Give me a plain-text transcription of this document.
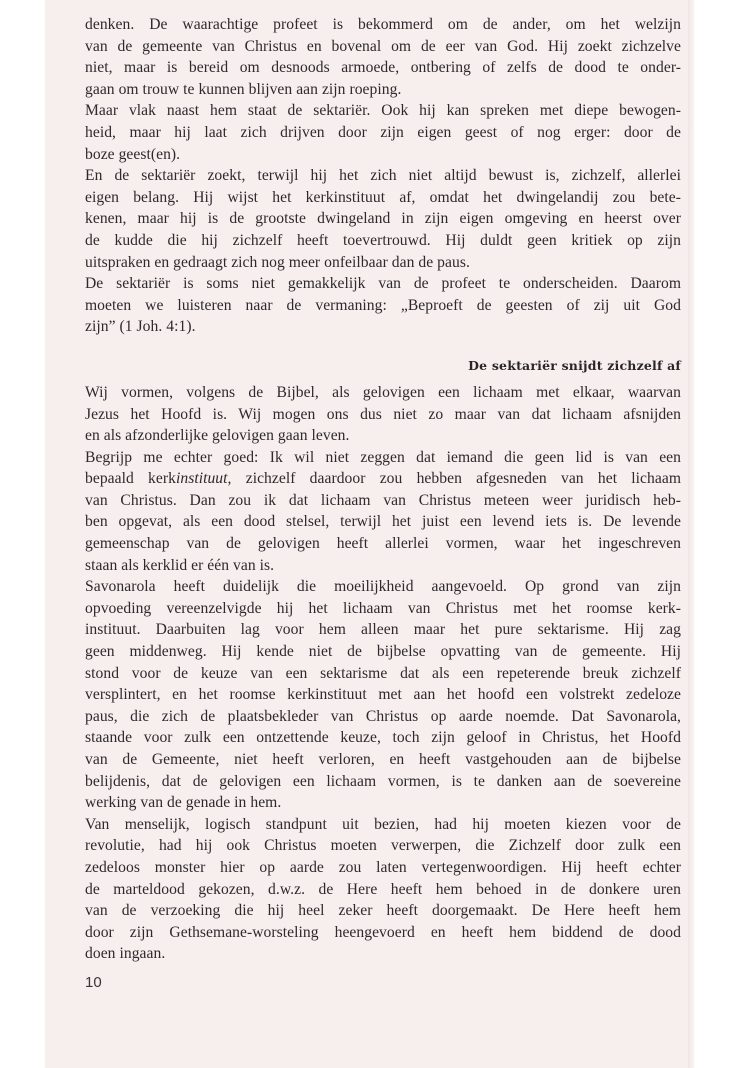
denken. De waarachtige profeet is bekommerd om de ander, om het welzijn
van de gemeente van Christus en bovenal om de eer van God. Hij zoekt zichzelve
niet, maar is bereid om desnoods armoede, ontbering of zelfs de dood te onder-
gaan om trouw te kunnen blijven aan zijn roeping.
Maar vlak naast hem staat de sektariër. Ook hij kan spreken met diepe bewogen-
heid, maar hij laat zich drijven door zijn eigen geest of nog erger: door de
boze geest(en).
En de sektariër zoekt, terwijl hij het zich niet altijd bewust is, zichzelf, allerlei
eigen belang. Hij wijst het kerkinstituut af, omdat het dwingelandij zou bete-
kenen, maar hij is de grootste dwingeland in zijn eigen omgeving en heerst over
de kudde die hij zichzelf heeft toevertrouwd. Hij duldt geen kritiek op zijn
uitspraken en gedraagt zich nog meer onfeilbaar dan de paus.
De sektariër is soms niet gemakkelijk van de profeet te onderscheiden. Daarom
moeten we luisteren naar de vermaning: „Beproeft de geesten of zij uit God
zijn” (1 Joh. 4:1).
De sektariër snijdt zichzelf af
Wij vormen, volgens de Bijbel, als gelovigen een lichaam met elkaar, waarvan
Jezus het Hoofd is. Wij mogen ons dus niet zo maar van dat lichaam afsnijden
en als afzonderlijke gelovigen gaan leven.
Begrijp me echter goed: Ik wil niet zeggen dat iemand die geen lid is van een
bepaald kerkinstituut, zichzelf daardoor zou hebben afgesneden van het lichaam
van Christus. Dan zou ik dat lichaam van Christus meteen weer juridisch heb-
ben opgevat, als een dood stelsel, terwijl het juist een levend iets is. De levende
gemeenschap van de gelovigen heeft allerlei vormen, waar het ingeschreven
staan als kerklid er één van is.
Savonarola heeft duidelijk die moeilijkheid aangevoeld. Op grond van zijn
opvoeding vereenzelvigde hij het lichaam van Christus met het roomse kerk-
instituut. Daarbuiten lag voor hem alleen maar het pure sektarisme. Hij zag
geen middenweg. Hij kende niet de bijbelse opvatting van de gemeente. Hij
stond voor de keuze van een sektarisme dat als een repeterende breuk zichzelf
versplintert, en het roomse kerkinstituut met aan het hoofd een volstrekt zedeloze
paus, die zich de plaatsbekleder van Christus op aarde noemde. Dat Savonarola,
staande voor zulk een ontzettende keuze, toch zijn geloof in Christus, het Hoofd
van de Gemeente, niet heeft verloren, en heeft vastgehouden aan de bijbelse
belijdenis, dat de gelovigen een lichaam vormen, is te danken aan de soevereine
werking van de genade in hem.
Van menselijk, logisch standpunt uit bezien, had hij moeten kiezen voor de
revolutie, had hij ook Christus moeten verwerpen, die Zichzelf door zulk een
zedeloos monster hier op aarde zou laten vertegenwoordigen. Hij heeft echter
de marteldood gekozen, d.w.z. de Here heeft hem behoed in de donkere uren
van de verzoeking die hij heel zeker heeft doorgemaakt. De Here heeft hem
door zijn Gethsemane-worsteling heengevoerd en heeft hem biddend de dood
doen ingaan.
10
